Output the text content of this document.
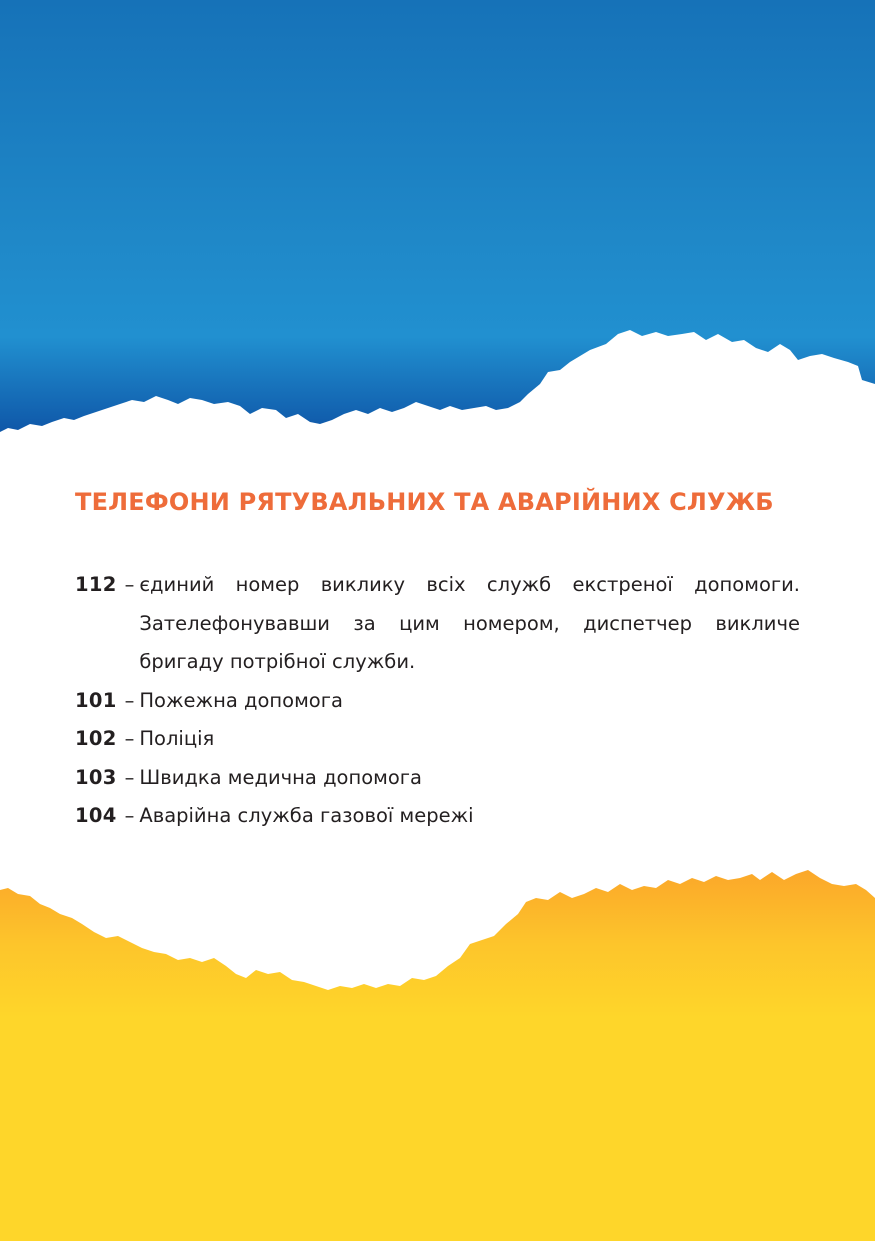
ТЕЛЕФОНИ РЯТУВАЛЬНИХ ТА АВАРІЙНИХ СЛУЖБ
112 – єдиний номер виклику всіх служб екстреної допомоги. Зателефонувавши за цим номером, диспетчер викличе бригаду потрібної служби.
101 – Пожежна допомога
102 – Поліція
103 – Швидка медична допомога
104 – Аварійна служба газової мережі
